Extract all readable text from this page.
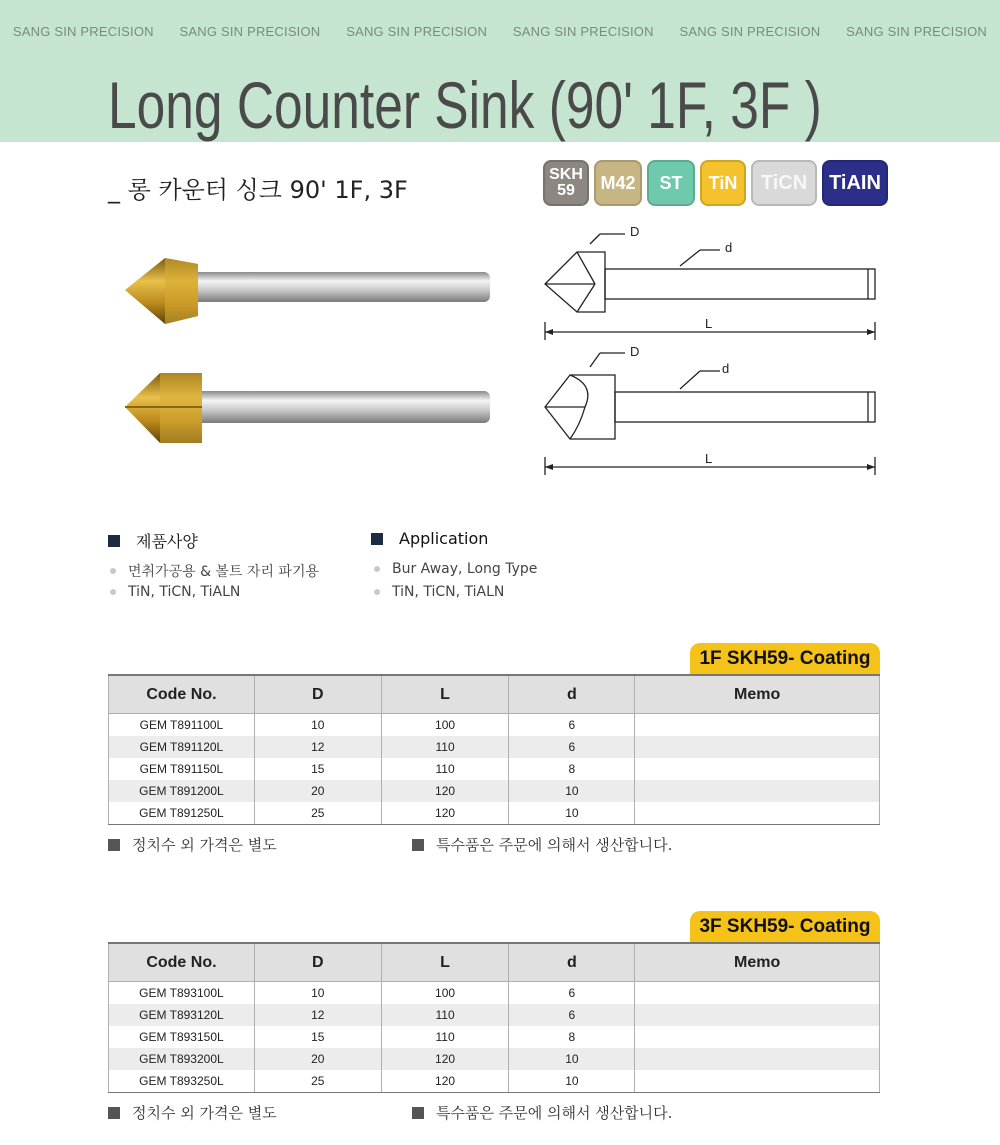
SANG SIN PRECISION SANG SIN PRECISION SANG SIN PRECISION SANG SIN PRECISION SANG SIN PRECISION SANG SIN PRECISION
Long Counter Sink (90' 1F, 3F )
_ 롱 카운터 싱크 90' 1F, 3F
SKH
59	M42	ST	TiN	TiCN	TiAIN
D
d
L
D
d
L
제품사양
면취가공용 & 볼트 자리 파기용
TiN, TiCN, TiALN
Application
Bur Away, Long Type
TiN, TiCN, TiALN
1F SKH59- Coating
Code No.	D	L	d	Memo
GEM T891100L	10	100	6	
GEM T891120L	12	110	6	
GEM T891150L	15	110	8	
GEM T891200L	20	120	10	
GEM T891250L	25	120	10	
정치수 외 가격은 별도	특수품은 주문에 의해서 생산합니다.
3F SKH59- Coating
Code No.	D	L	d	Memo
GEM T893100L	10	100	6	
GEM T893120L	12	110	6	
GEM T893150L	15	110	8	
GEM T893200L	20	120	10	
GEM T893250L	25	120	10	
정치수 외 가격은 별도	특수품은 주문에 의해서 생산합니다.
